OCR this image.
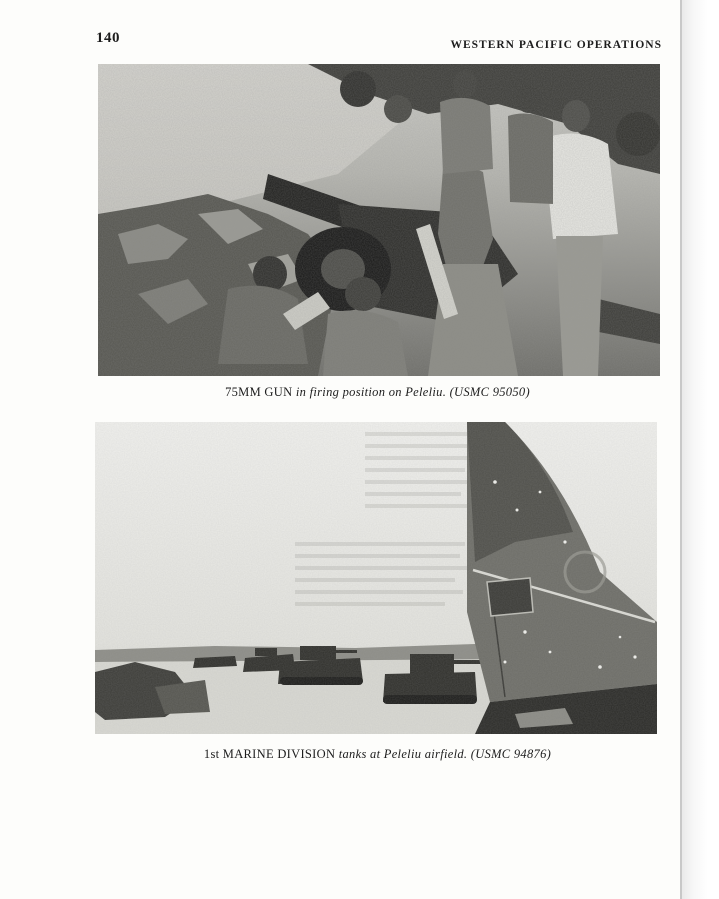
140	WESTERN PACIFIC OPERATIONS
75MM GUN in firing position on Peleliu. (USMC 95050)
1st MARINE DIVISION tanks at Peleliu airfield. (USMC 94876)
